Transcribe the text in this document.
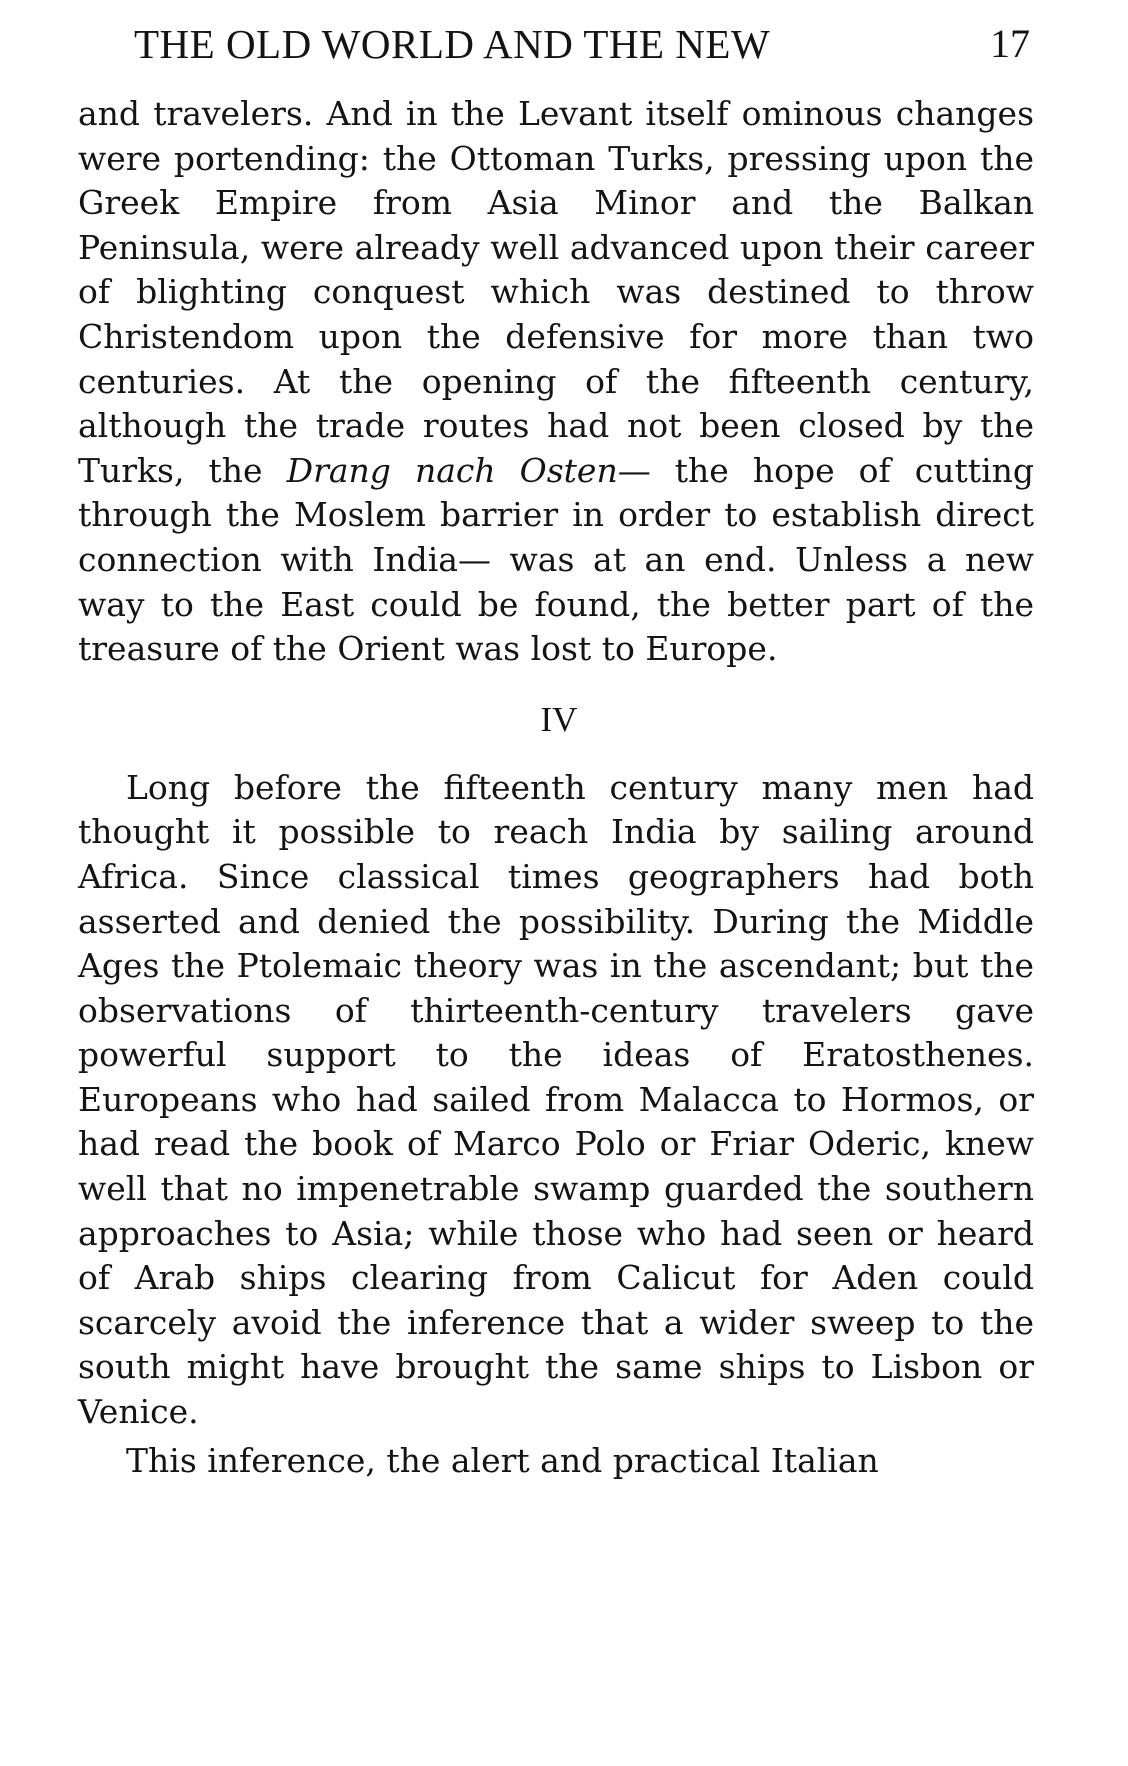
THE OLD WORLD AND THE NEW	17

and travelers. And in the Levant itself ominous changes were portending: the Ottoman Turks, pressing upon the Greek Empire from Asia Minor and the Balkan Peninsula, were already well advanced upon their career of blighting conquest which was destined to throw Christendom upon the defensive for more than two centuries. At the opening of the fifteenth century, although the trade routes had not been closed by the Turks, the Drang nach Osten— the hope of cutting through the Moslem barrier in order to establish direct connection with India— was at an end. Unless a new way to the East could be found, the better part of the treasure of the Orient was lost to Europe.

IV

Long before the fifteenth century many men had thought it possible to reach India by sailing around Africa. Since classical times geographers had both asserted and denied the possibility. During the Middle Ages the Ptolemaic theory was in the ascendant; but the observations of thirteenth-century travelers gave powerful support to the ideas of Eratosthenes. Europeans who had sailed from Malacca to Hormos, or had read the book of Marco Polo or Friar Oderic, knew well that no impenetrable swamp guarded the southern approaches to Asia; while those who had seen or heard of Arab ships clearing from Calicut for Aden could scarcely avoid the inference that a wider sweep to the south might have brought the same ships to Lisbon or Venice.

This inference, the alert and practical Italian
